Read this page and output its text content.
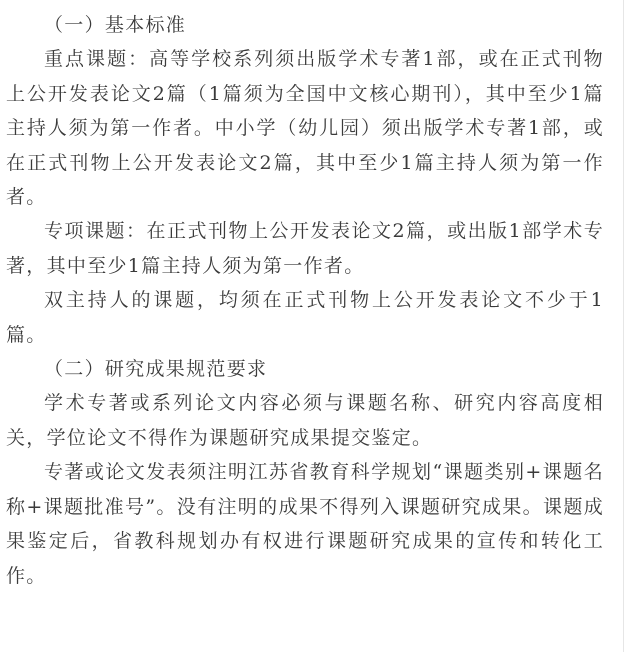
（一）基本标准

重点课题：高等学校系列须出版学术专著1部，或在正式刊物上公开发表论文2篇（1篇须为全国中文核心期刊），其中至少1篇主持人须为第一作者。中小学（幼儿园）须出版学术专著1部，或在正式刊物上公开发表论文2篇，其中至少1篇主持人须为第一作者。

专项课题：在正式刊物上公开发表论文2篇，或出版1部学术专著，其中至少1篇主持人须为第一作者。

双主持人的课题，均须在正式刊物上公开发表论文不少于1篇。

（二）研究成果规范要求

学术专著或系列论文内容必须与课题名称、研究内容高度相关，学位论文不得作为课题研究成果提交鉴定。

专著或论文发表须注明江苏省教育科学规划“课题类别+课题名称+课题批准号”。没有注明的成果不得列入课题研究成果。课题成果鉴定后，省教科规划办有权进行课题研究成果的宣传和转化工作。
